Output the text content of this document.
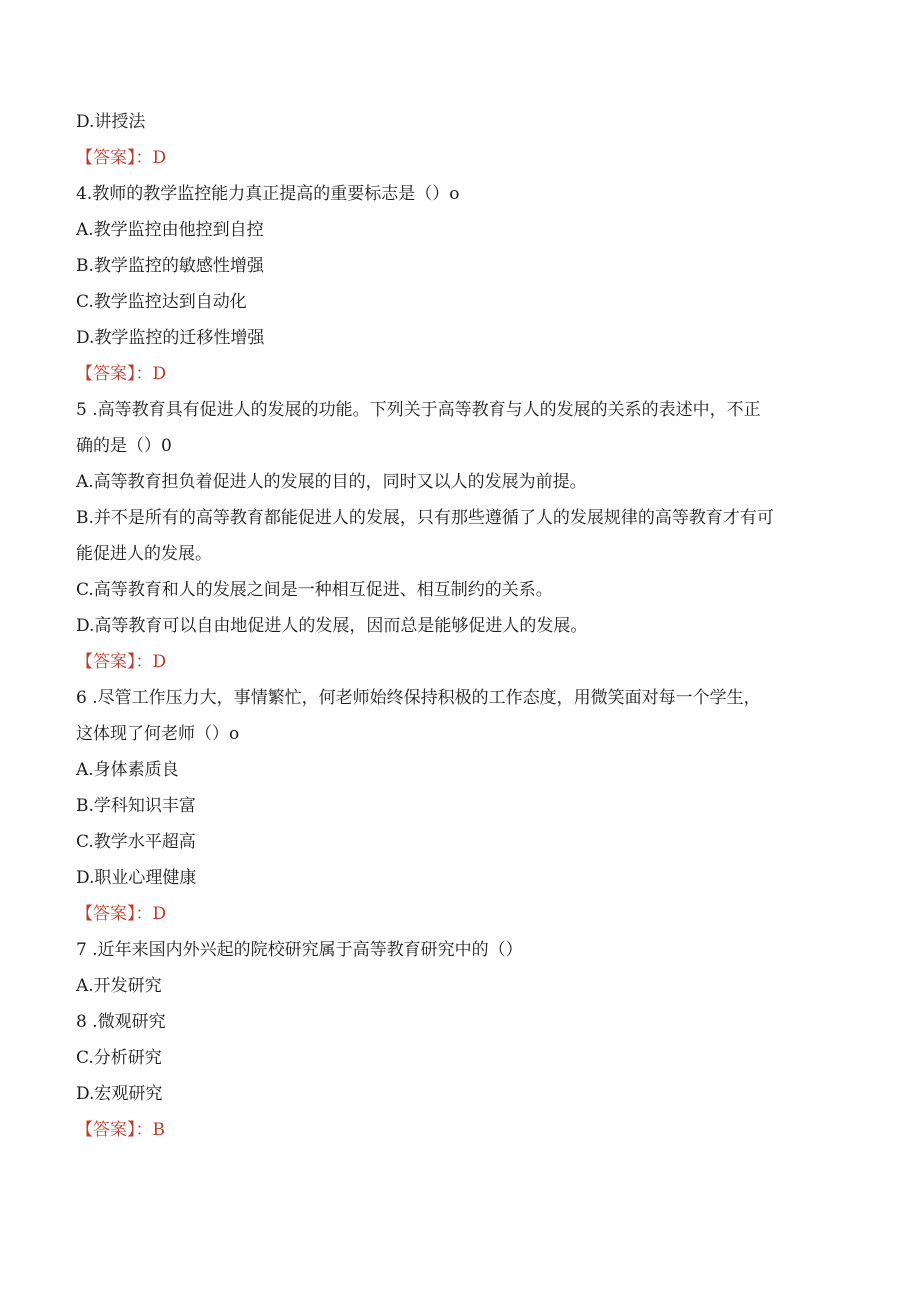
D.讲授法
【答案】：D
4.教师的教学监控能力真正提高的重要标志是（）o
A.教学监控由他控到自控
B.教学监控的敏感性增强
C.教学监控达到自动化
D.教学监控的迁移性增强
【答案】：D
5 .高等教育具有促进人的发展的功能。下列关于高等教育与人的发展的关系的表述中，不正
确的是（）0
A.高等教育担负着促进人的发展的目的，同时又以人的发展为前提。
B.并不是所有的高等教育都能促进人的发展，只有那些遵循了人的发展规律的高等教育才有可
能促进人的发展。
C.高等教育和人的发展之间是一种相互促进、相互制约的关系。
D.高等教育可以自由地促进人的发展，因而总是能够促进人的发展。
【答案】：D
6 .尽管工作压力大，事情繁忙，何老师始终保持积极的工作态度，用微笑面对每一个学生，
这体现了何老师（）o
A.身体素质良
B.学科知识丰富
C.教学水平超高
D.职业心理健康
【答案】：D
7 .近年来国内外兴起的院校研究属于高等教育研究中的（）
A.开发研究
8 .微观研究
C.分析研究
D.宏观研究
【答案】：B
